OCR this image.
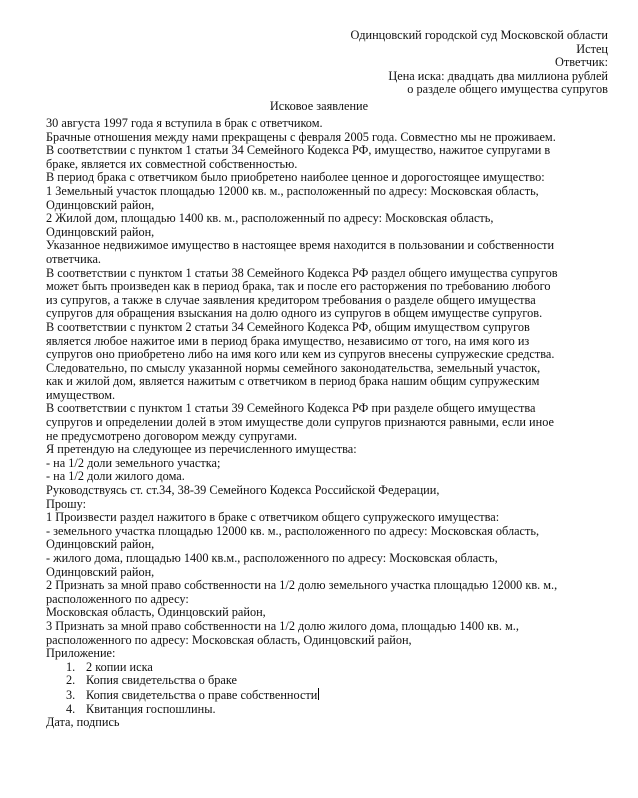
Одинцовский городской суд Московской области
Истец
Ответчик:
Цена иска: двадцать два миллиона рублей
о разделе общего имущества супругов
Исковое заявление

30 августа 1997 года я вступила в брак с ответчиком.

Брачные отношения между нами прекращены с февраля 2005 года. Совместно мы не проживаем.

В соответствии с пунктом 1 статьи 34 Семейного Кодекса РФ, имущество, нажитое супругами в

браке, является их совместной собственностью.

В период брака с ответчиком было приобретено наиболее ценное и дорогостоящее имущество:

1 Земельный участок площадью 12000 кв. м., расположенный по адресу: Московская область,

Одинцовский район,

2 Жилой дом, площадью 1400 кв. м., расположенный по адресу: Московская область,

Одинцовский район,

Указанное недвижимое имущество в настоящее время находится в пользовании и собственности

ответчика.

В соответствии с пунктом 1 статьи 38 Семейного Кодекса РФ раздел общего имущества супругов

может быть произведен как в период брака, так и после его расторжения по требованию любого

из супругов, а также в случае заявления кредитором требования о разделе общего имущества

супругов для обращения взыскания на долю одного из супругов в общем имуществе супругов.

В соответствии с пунктом 2 статьи 34 Семейного Кодекса РФ, общим имуществом супругов

является любое нажитое ими в период брака имущество, независимо от того, на имя кого из

супругов оно приобретено либо на имя кого или кем из супругов внесены супружеские средства.

Следовательно, по смыслу указанной нормы семейного законодательства, земельный участок,

как и жилой дом, является нажитым с ответчиком в период брака нашим общим супружеским

имуществом.

В соответствии с пунктом 1 статьи 39 Семейного Кодекса РФ при разделе общего имущества

супругов и определении долей в этом имуществе доли супругов признаются равными, если иное

не предусмотрено договором между супругами.

Я претендую на следующее из перечисленного имущества:

- на 1/2 доли земельного участка;

- на 1/2 доли жилого дома.

Руководствуясь ст. ст.34, 38-39 Семейного Кодекса Российской Федерации,

Прошу:

1 Произвести раздел нажитого в браке с ответчиком общего супружеского имущества:

- земельного участка площадью 12000 кв. м., расположенного по адресу: Московская область,

Одинцовский район,

- жилого дома, площадью 1400 кв.м., расположенного по адресу: Московская область,

Одинцовский район,

2 Признать за мной право собственности на 1/2 долю земельного участка площадью 12000 кв. м.,

расположенного по адресу:

Московская область, Одинцовский район,

3 Признать за мной право собственности на 1/2 долю жилого дома, площадью 1400 кв. м.,

расположенного по адресу: Московская область, Одинцовский район,

Приложение:

1. 2 копии иска
2. Копия свидетельства о браке
3. Копия свидетельства о праве собственности
4. Квитанция госпошлины.

Дата, подпись
